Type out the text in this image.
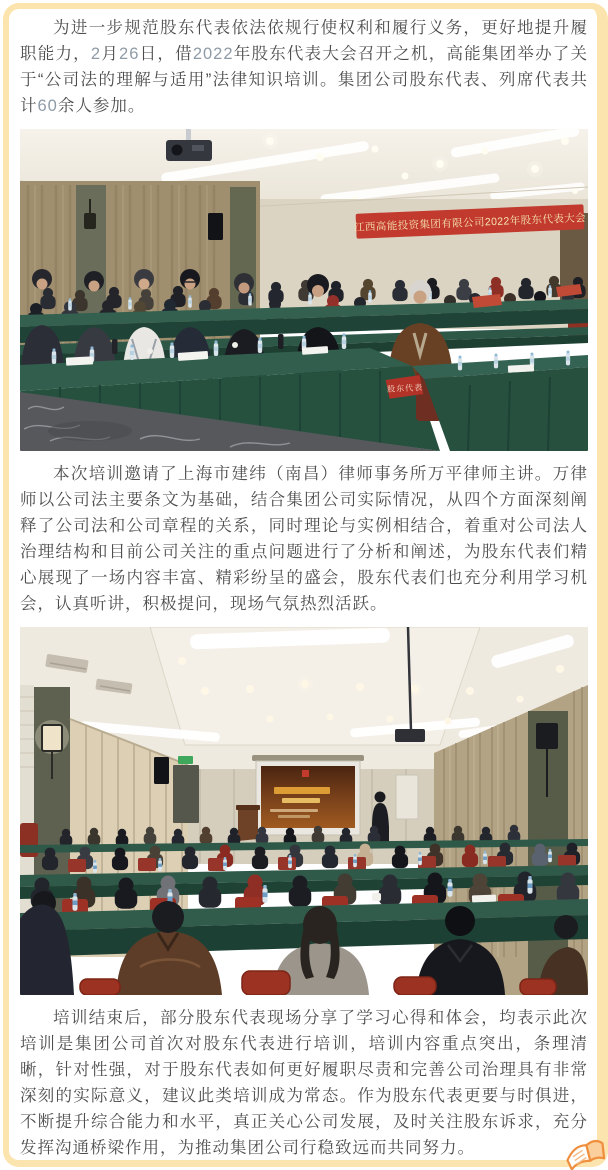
为进一步规范股东代表依法依规行使权利和履行义务，更好地提升履职能力，2月26日，借2022年股东代表大会召开之机，高能集团举办了关于“公司法的理解与适用”法律知识培训。集团公司股东代表、列席代表共计60余人参加。

江西高能投资集团有限公司2022年股东代表大会
股东代表

本次培训邀请了上海市建纬（南昌）律师事务所万平律师主讲。万律师以公司法主要条文为基础，结合集团公司实际情况，从四个方面深刻阐释了公司法和公司章程的关系，同时理论与实例相结合，着重对公司法人治理结构和目前公司关注的重点问题进行了分析和阐述，为股东代表们精心展现了一场内容丰富、精彩纷呈的盛会，股东代表们也充分利用学习机会，认真听讲，积极提问，现场气氛热烈活跃。

培训结束后，部分股东代表现场分享了学习心得和体会，均表示此次培训是集团公司首次对股东代表进行培训，培训内容重点突出，条理清晰，针对性强，对于股东代表如何更好履职尽责和完善公司治理具有非常深刻的实际意义，建议此类培训成为常态。作为股东代表更要与时俱进，不断提升综合能力和水平，真正关心公司发展，及时关注股东诉求，充分发挥沟通桥梁作用，为推动集团公司行稳致远而共同努力。
